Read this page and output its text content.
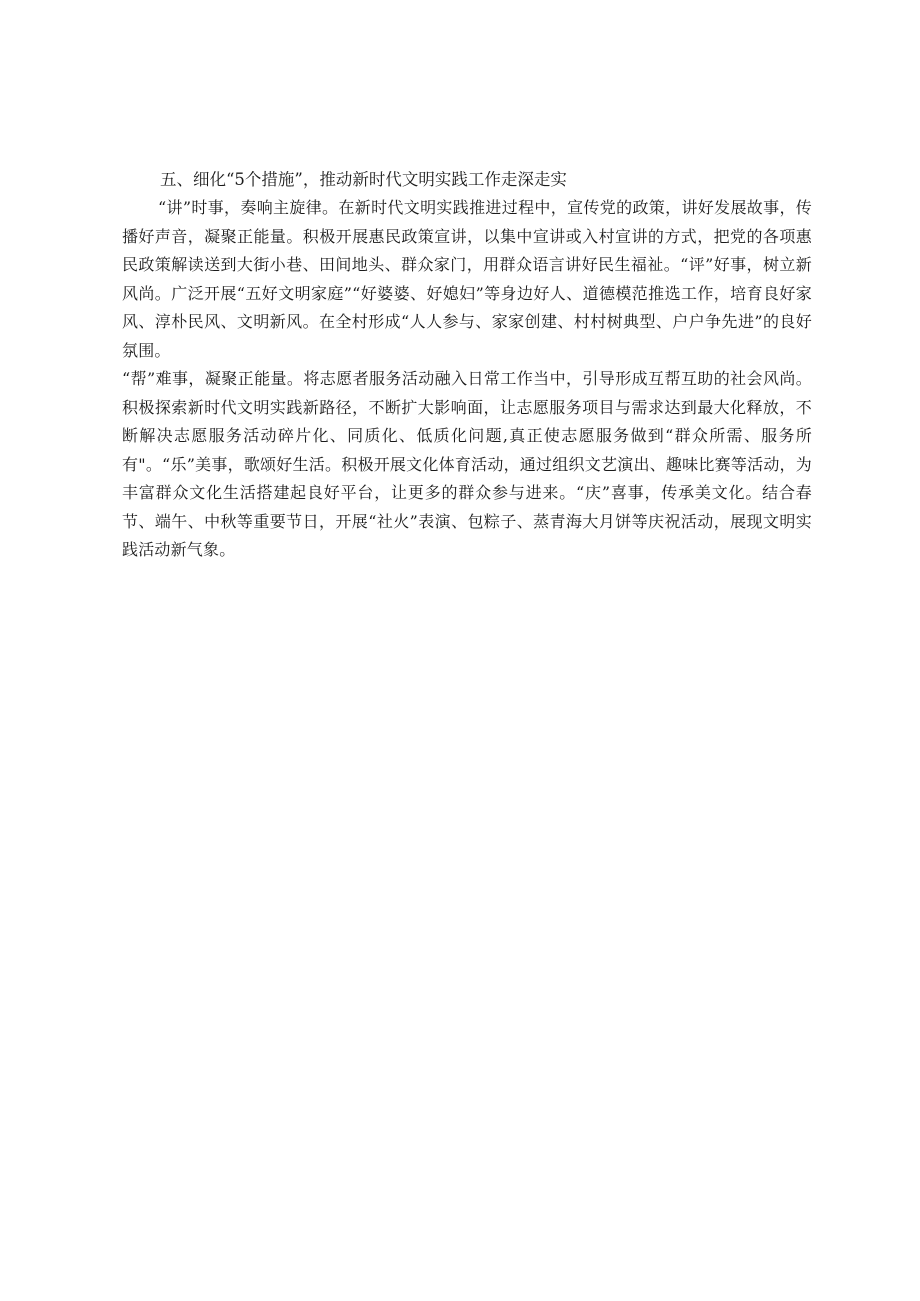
五、细化“5个措施”，推动新时代文明实践工作走深走实

“讲”时事，奏响主旋律。在新时代文明实践推进过程中，宣传党的政策，讲好发展故事，传播好声音，凝聚正能量。积极开展惠民政策宣讲，以集中宣讲或入村宣讲的方式，把党的各项惠民政策解读送到大街小巷、田间地头、群众家门，用群众语言讲好民生福祉。“评”好事，树立新风尚。广泛开展“五好文明家庭”“好婆婆、好媳妇”等身边好人、道德模范推选工作，培育良好家风、淳朴民风、文明新风。在全村形成“人人参与、家家创建、村村树典型、户户争先进”的良好氛围。

“帮”难事，凝聚正能量。将志愿者服务活动融入日常工作当中，引导形成互帮互助的社会风尚。积极探索新时代文明实践新路径，不断扩大影响面，让志愿服务项目与需求达到最大化释放，不断解决志愿服务活动碎片化、同质化、低质化问题,真正使志愿服务做到“群众所需、服务所有"。“乐”美事，歌颂好生活。积极开展文化体育活动，通过组织文艺演出、趣味比赛等活动，为丰富群众文化生活搭建起良好平台，让更多的群众参与进来。“庆”喜事，传承美文化。结合春节、端午、中秋等重要节日，开展“社火”表演、包粽子、蒸青海大月饼等庆祝活动，展现文明实践活动新气象。
